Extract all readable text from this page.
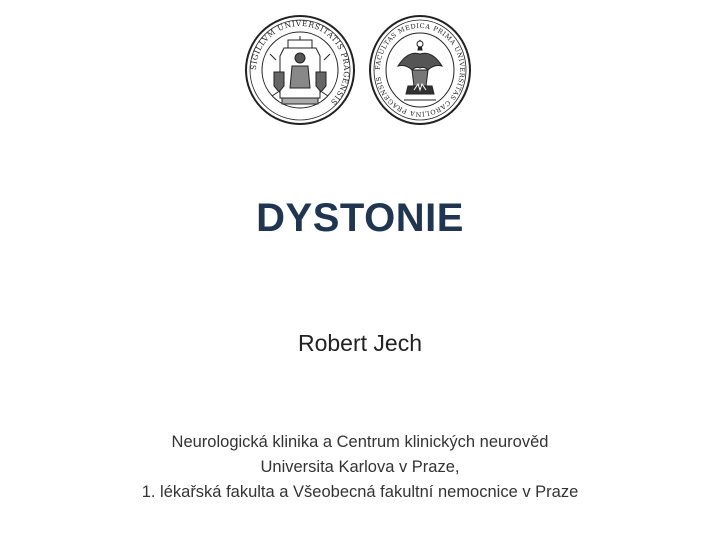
SIGILLVM UNIVERSITATIS PRAGENSIS
FACULTAS MEDICA PRIMA UNIVERSITAS CAROLINA PRAGENSIS
DYSTONIE
Robert Jech
Neurologická klinika a Centrum klinických neurověd
Universita Karlova v Praze,
1. lékařská fakulta a Všeobecná fakultní nemocnice v Praze
